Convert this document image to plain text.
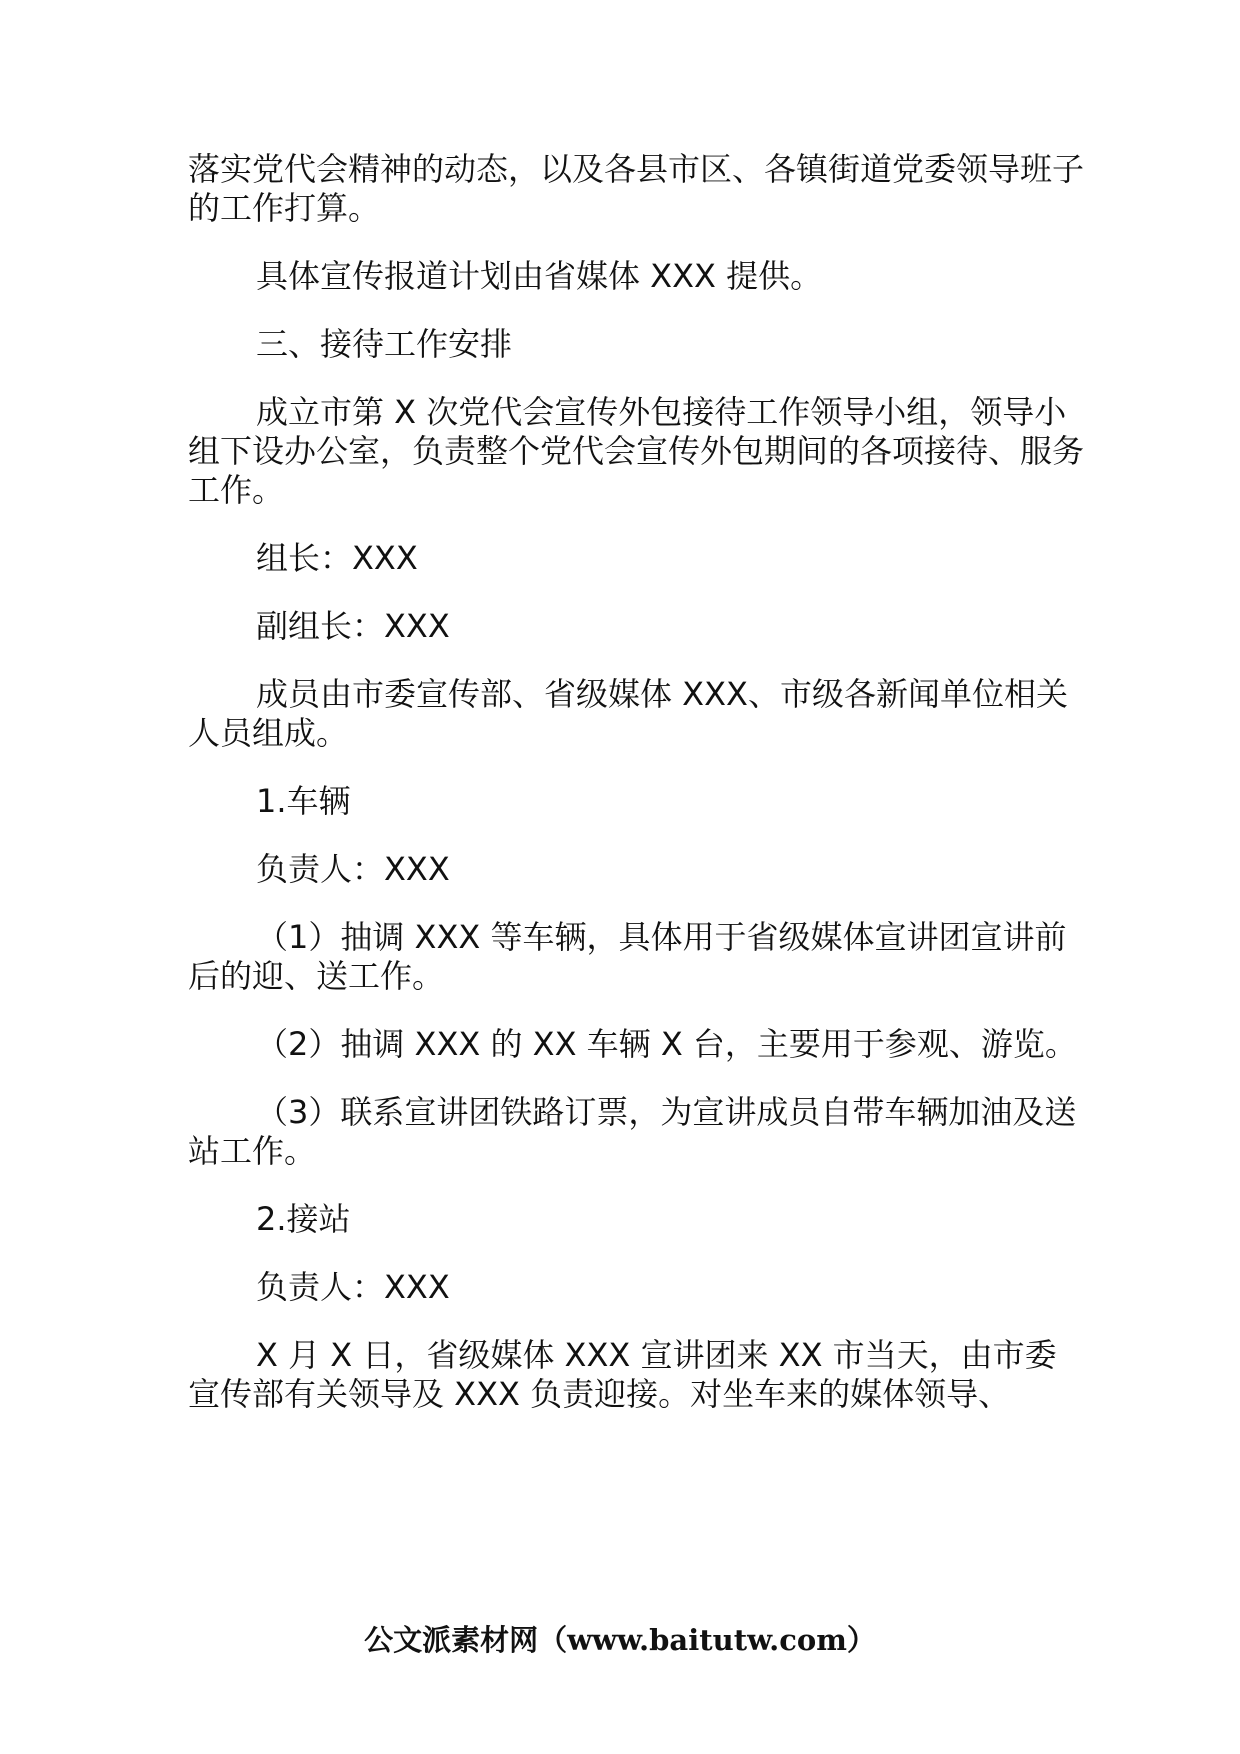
落实党代会精神的动态，以及各县市区、各镇街道党委领导班子的工作打算。

具体宣传报道计划由省媒体 XXX 提供。

三、接待工作安排

成立市第 X 次党代会宣传外包接待工作领导小组，领导小组下设办公室，负责整个党代会宣传外包期间的各项接待、服务工作。

组长：XXX

副组长：XXX

成员由市委宣传部、省级媒体 XXX、市级各新闻单位相关人员组成。

1.车辆

负责人：XXX

（1）抽调 XXX 等车辆，具体用于省级媒体宣讲团宣讲前后的迎、送工作。

（2）抽调 XXX 的 XX 车辆 X 台，主要用于参观、游览。

（3）联系宣讲团铁路订票，为宣讲成员自带车辆加油及送站工作。

2.接站

负责人：XXX

X 月 X 日，省级媒体 XXX 宣讲团来 XX 市当天，由市委宣传部有关领导及 XXX 负责迎接。对坐车来的媒体领导、

公文派素材网（www.baitutw.com）
